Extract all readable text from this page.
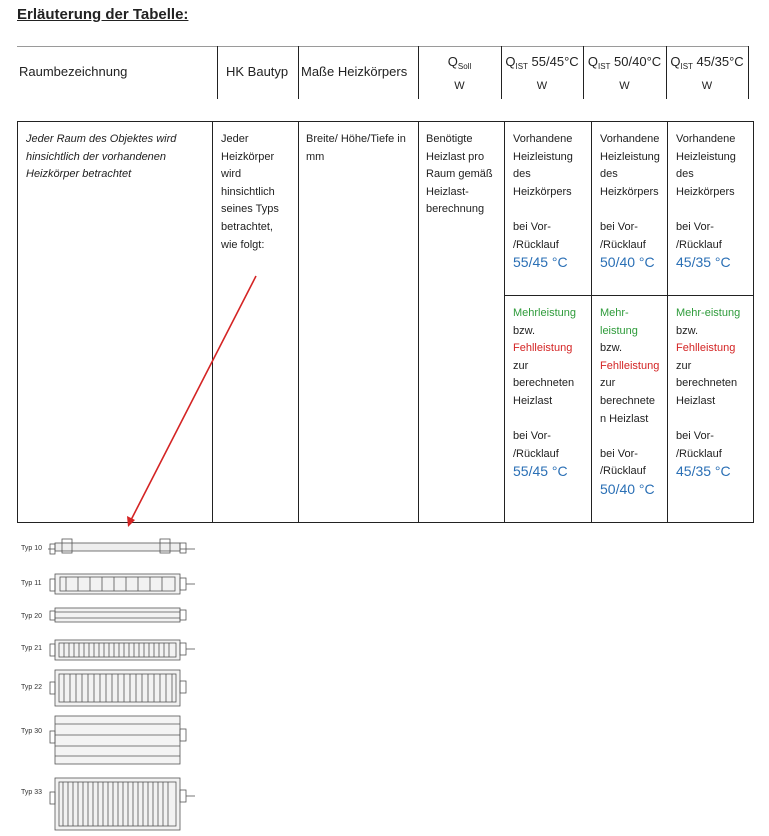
Erläuterung der Tabelle:
Raumbezeichnung	HK Bautyp Maße Heizkörpers
$Q_{Soll}$
W
$Q_{IST}$ 55/45°C
W
$Q_{IST}$ 50/40°C
W
$Q_{IST}$ 45/35°C
W
Jeder Raum des Objektes wird hinsichtlich der vorhandenen Heizkörper betrachtet
Jeder
Heizkörper
wird
hinsichtlich
seines Typs
betrachtet,
wie folgt:
Breite/ Höhe/Tiefe in
mm
Benötigte
Heizlast pro
Raum gemäß
Heizlast-
berechnung
Vorhandene
Heizleistung
des
Heizkörpers
bei Vor-
/Rücklauf
55/45 °C
Vorhandene
Heizleistung
des
Heizkörpers
bei Vor-
/Rücklauf
50/40 °C
Vorhandene
Heizleistung
des
Heizkörpers
bei Vor-
/Rücklauf
45/35 °C
Mehrleistung
bzw.
Fehlleistung
zur
berechneten
Heizlast
bei Vor-
/Rücklauf
55/45 °C
Mehr-
leistung
bzw.
Fehlleistung
zur
berechnete
n Heizlast
bei Vor-
/Rücklauf
50/40 °C
Mehr-eistung
bzw.
Fehlleistung
zur
berechneten
Heizlast
bei Vor-
/Rücklauf
45/35 °C
Typ 10
Typ 11
Typ 20
Typ 21
Typ 22
Typ 30
Typ 33
